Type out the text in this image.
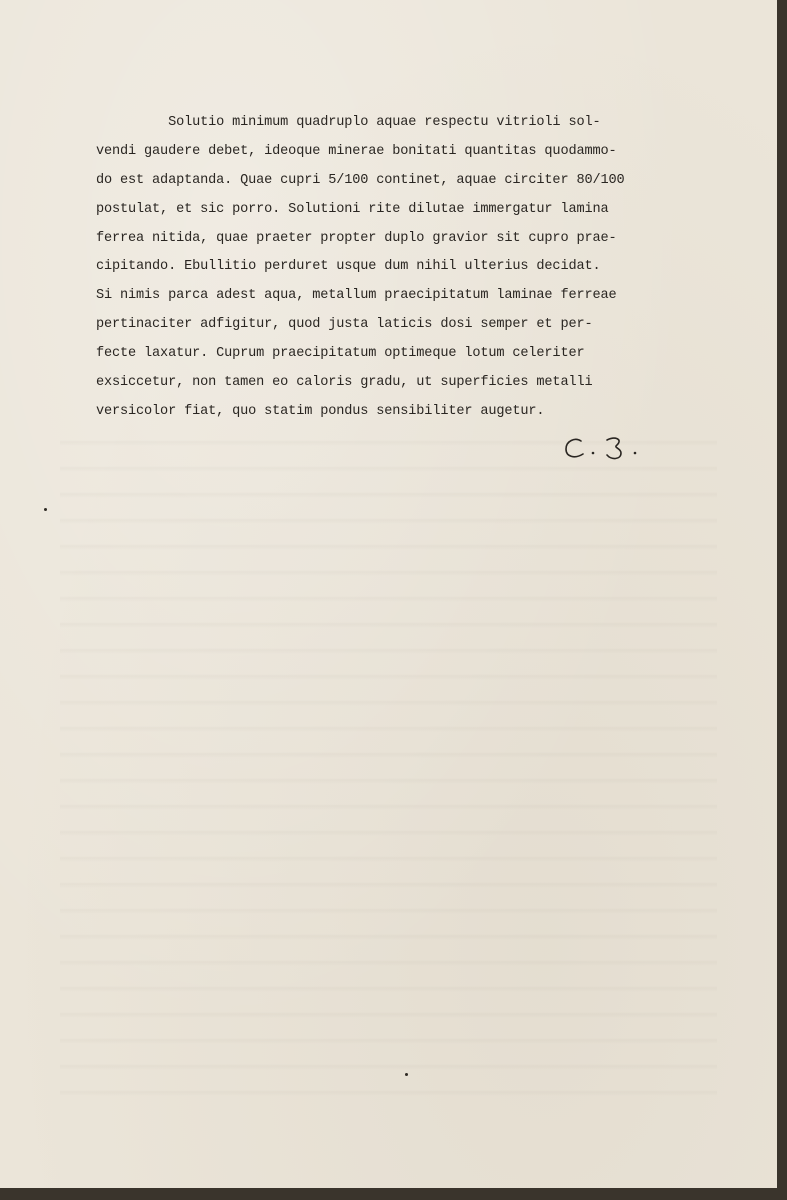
Solutio minimum quadruplo aquae respectu vitrioli sol-
vendi gaudere debet, ideoque minerae bonitati quantitas quodammo-
do est adaptanda. Quae cupri 5/100 continet, aquae circiter 80/100
postulat, et sic porro. Solutioni rite dilutae immergatur lamina
ferrea nitida, quae praeter propter duplo gravior sit cupro prae-
cipitando. Ebullitio perduret usque dum nihil ulterius decidat.
Si nimis parca adest aqua, metallum praecipitatum laminae ferreae
pertinaciter adfigitur, quod justa laticis dosi semper et per-
fecte laxatur. Cuprum praecipitatum optimeque lotum celeriter
exsiccetur, non tamen eo caloris gradu, ut superficies metalli
versicolor fiat, quo statim pondus sensibiliter augetur.
